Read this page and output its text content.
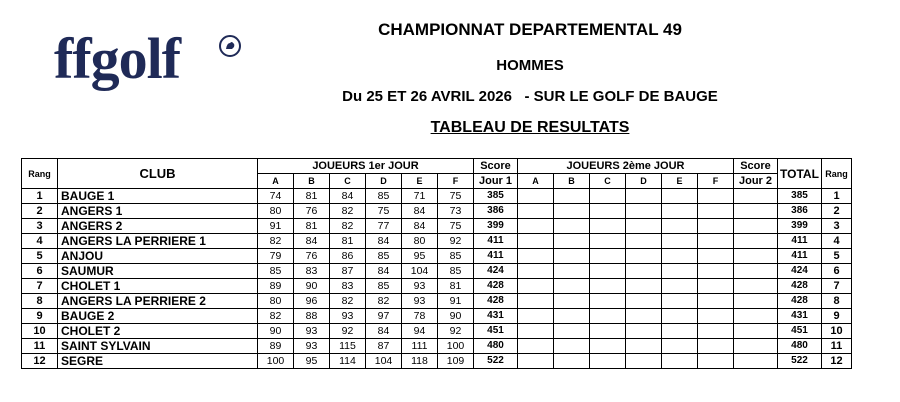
ffgolf	CHAMPIONNAT DEPARTEMENTAL 49
HOMMES
Du 25 ET 26 AVRIL 2026   - SUR LE GOLF DE BAUGE
TABLEAU DE RESULTATS
Rang	CLUB	JOUEURS 1er JOUR						Score	JOUEURS 2ème JOUR						Score	TOTAL	Rang
		A	B	C	D	E	F	Jour 1	A	B	C	D	E	F	Jour 2		
1	BAUGE 1	74	81	84	85	71	75	385								385	1
2	ANGERS 1	80	76	82	75	84	73	386								386	2
3	ANGERS 2	91	81	82	77	84	75	399								399	3
4	ANGERS LA PERRIERE 1	82	84	81	84	80	92	411								411	4
5	ANJOU	79	76	86	85	95	85	411								411	5
6	SAUMUR	85	83	87	84	104	85	424								424	6
7	CHOLET 1	89	90	83	85	93	81	428								428	7
8	ANGERS LA PERRIERE 2	80	96	82	82	93	91	428								428	8
9	BAUGE 2	82	88	93	97	78	90	431								431	9
10	CHOLET 2	90	93	92	84	94	92	451								451	10
11	SAINT SYLVAIN	89	93	115	87	111	100	480								480	11
12	SEGRE	100	95	114	104	118	109	522								522	12
